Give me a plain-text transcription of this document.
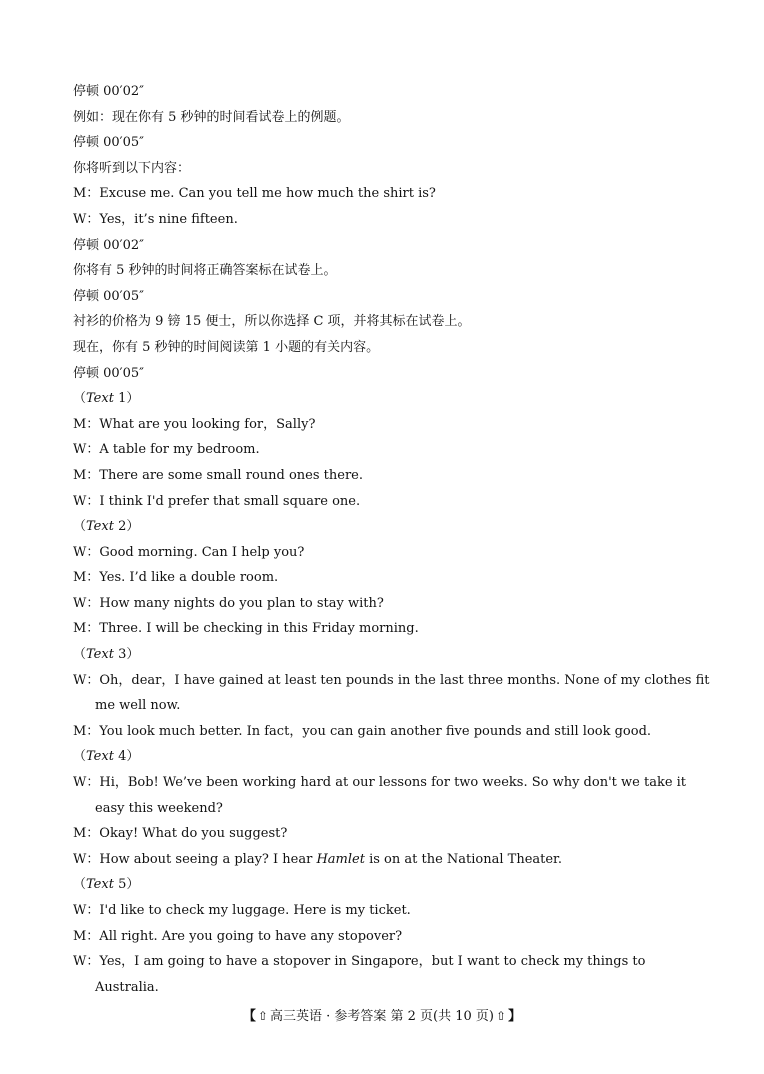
停顿 00′02″
例如：现在你有 5 秒钟的时间看试卷上的例题。
停顿 00′05″
你将听到以下内容：
M：Excuse me. Can you tell me how much the shirt is?
W：Yes，it’s nine fifteen.
停顿 00′02″
你将有 5 秒钟的时间将正确答案标在试卷上。
停顿 00′05″
衬衫的价格为 9 镑 15 便士，所以你选择 C 项，并将其标在试卷上。
现在，你有 5 秒钟的时间阅读第 1 小题的有关内容。
停顿 00′05″
（Text 1）
M：What are you looking for，Sally?
W：A table for my bedroom.
M：There are some small round ones there.
W：I think I'd prefer that small square one.
（Text 2）
W：Good morning. Can I help you?
M：Yes. I’d like a double room.
W：How many nights do you plan to stay with?
M：Three. I will be checking in this Friday morning.
（Text 3）
W：Oh，dear，I have gained at least ten pounds in the last three months. None of my clothes fit
me well now.
M：You look much better. In fact，you can gain another five pounds and still look good.
（Text 4）
W：Hi，Bob! We’ve been working hard at our lessons for two weeks. So why don't we take it
easy this weekend?
M：Okay! What do you suggest?
W：How about seeing a play? I hear Hamlet is on at the National Theater.
（Text 5）
W：I'd like to check my luggage. Here is my ticket.
M：All right. Are you going to have any stopover?
W：Yes，I am going to have a stopover in Singapore，but I want to check my things to
Australia.
【 ⇧ 高三英语 · 参考答案 第 2 页(共 10 页) ⇧ 】
